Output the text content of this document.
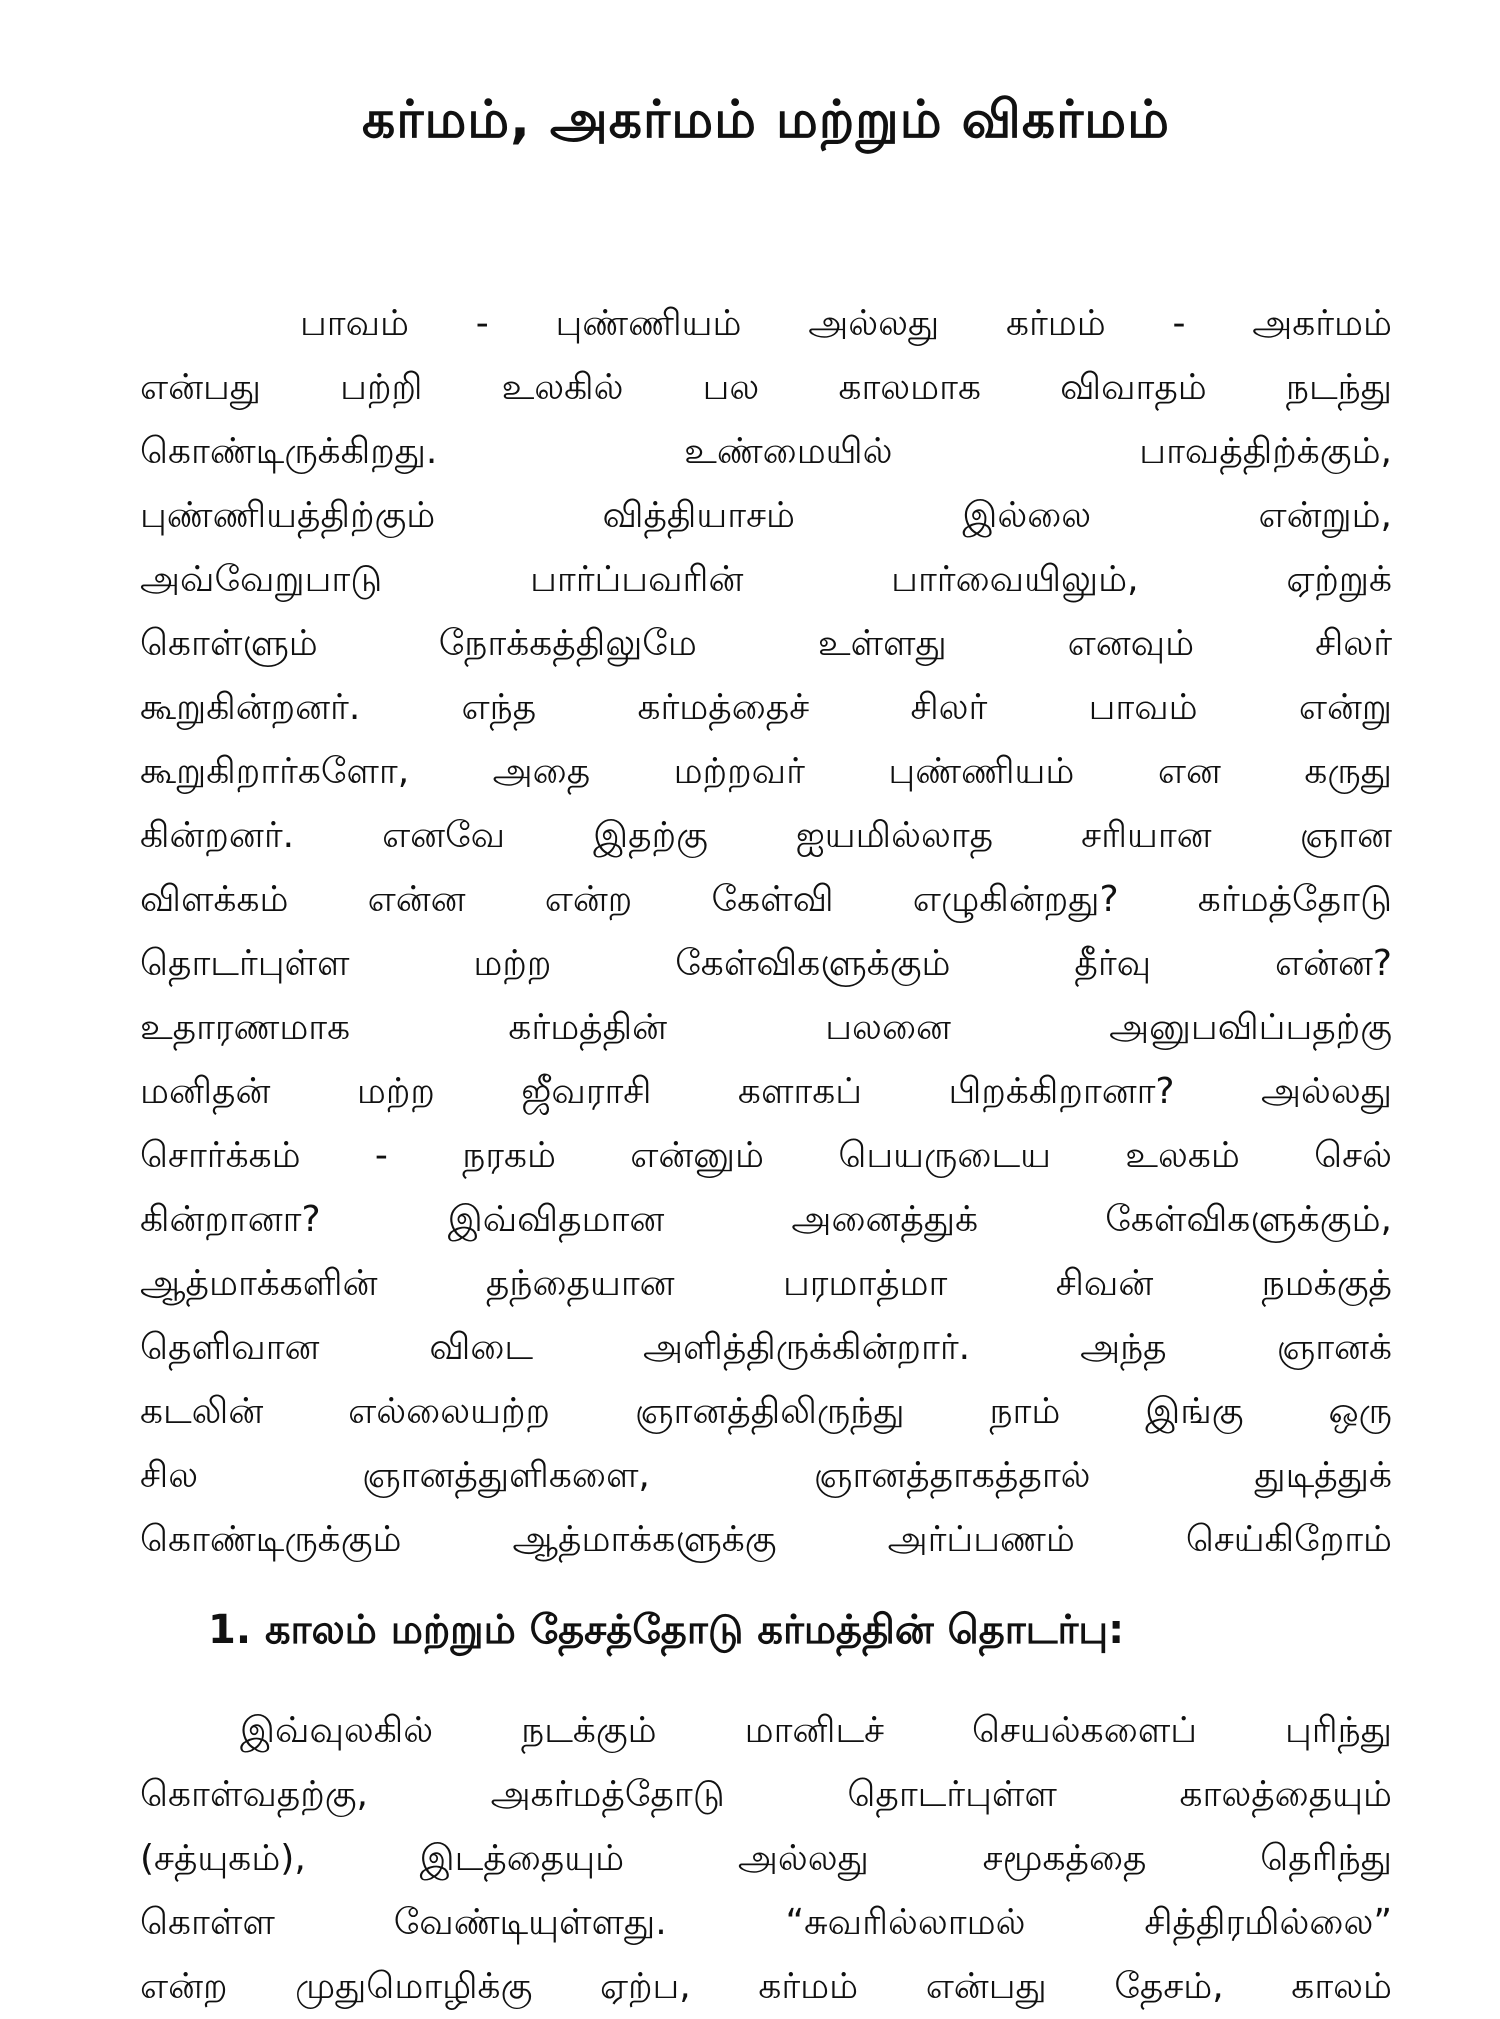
கர்மம், அகர்மம் மற்றும் விகர்மம்
பாவம் - புண்ணியம் அல்லது கர்மம் - அகர்மம்
என்பது பற்றி உலகில் பல காலமாக விவாதம் நடந்து
கொண்டிருக்கிறது. உண்மையில் பாவத்திற்க்கும்,
புண்ணியத்திற்கும் வித்தியாசம் இல்லை என்றும்,
அவ்வேறுபாடு பார்ப்பவரின் பார்வையிலும், ஏற்றுக்
கொள்ளும் நோக்கத்திலுமே உள்ளது எனவும் சிலர்
கூறுகின்றனர். எந்த கர்மத்தைச் சிலர் பாவம் என்று
கூறுகிறார்களோ, அதை மற்றவர் புண்ணியம் என கருது
கின்றனர். எனவே இதற்கு ஐயமில்லாத சரியான ஞான
விளக்கம் என்ன என்ற கேள்வி எழுகின்றது? கர்மத்தோடு
தொடர்புள்ள மற்ற கேள்விகளுக்கும் தீர்வு என்ன?
உதாரணமாக கர்மத்தின் பலனை அனுபவிப்பதற்கு
மனிதன் மற்ற ஜீவராசி களாகப் பிறக்கிறானா? அல்லது
சொர்க்கம் - நரகம் என்னும் பெயருடைய உலகம் செல்
கின்றானா? இவ்விதமான அனைத்துக் கேள்விகளுக்கும்,
ஆத்மாக்களின் தந்தையான பரமாத்மா சிவன் நமக்குத்
தெளிவான விடை அளித்திருக்கின்றார். அந்த ஞானக்
கடலின் எல்லையற்ற ஞானத்திலிருந்து நாம் இங்கு ஒரு
சில ஞானத்துளிகளை, ஞானத்தாகத்தால் துடித்துக்
கொண்டிருக்கும் ஆத்மாக்களுக்கு அர்ப்பணம் செய்கிறோம்
1. காலம் மற்றும் தேசத்தோடு கர்மத்தின் தொடர்பு:
இவ்வுலகில் நடக்கும் மானிடச் செயல்களைப் புரிந்து
கொள்வதற்கு, அகர்மத்தோடு தொடர்புள்ள காலத்தையும்
(சத்யுகம்), இடத்தையும் அல்லது சமூகத்தை தெரிந்து
கொள்ள வேண்டியுள்ளது. “சுவரில்லாமல் சித்திரமில்லை”
என்ற முதுமொழிக்கு ஏற்ப, கர்மம் என்பது தேசம், காலம்
